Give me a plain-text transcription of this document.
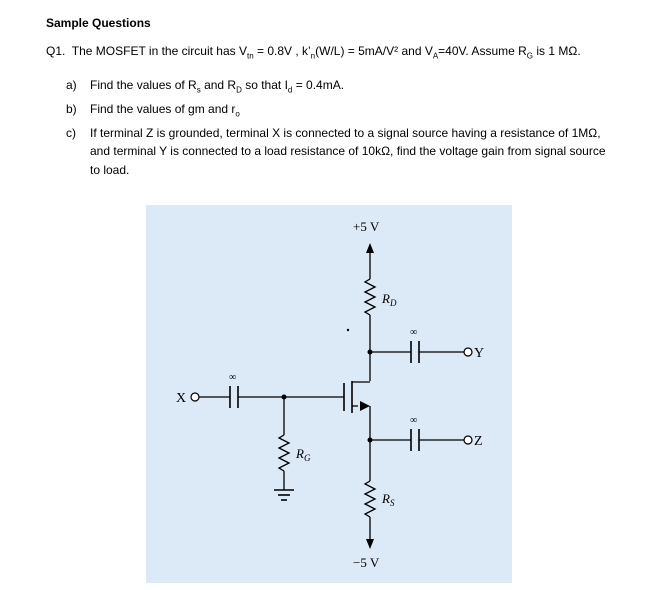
Sample Questions
Q1. The MOSFET in the circuit has $V_{tn} = 0.8V$ , $k’_n(W/L) = 5mA/V^2$ and $V_A=40V$. Assume $R_G$ is 1 MΩ.
a) Find the values of $R_s$ and $R_D$ so that $I_d = 0.4mA$.
b) Find the values of gm and $r_o$
c) If terminal Z is grounded, terminal X is connected to a signal source having a resistance of 1MΩ, and terminal Y is connected to a load resistance of 10kΩ, find the voltage gain from signal source to load.
+5 V
−5 V
$R_D$
$R_S$
$R_G$
∞
∞
∞
X
Y
Z
